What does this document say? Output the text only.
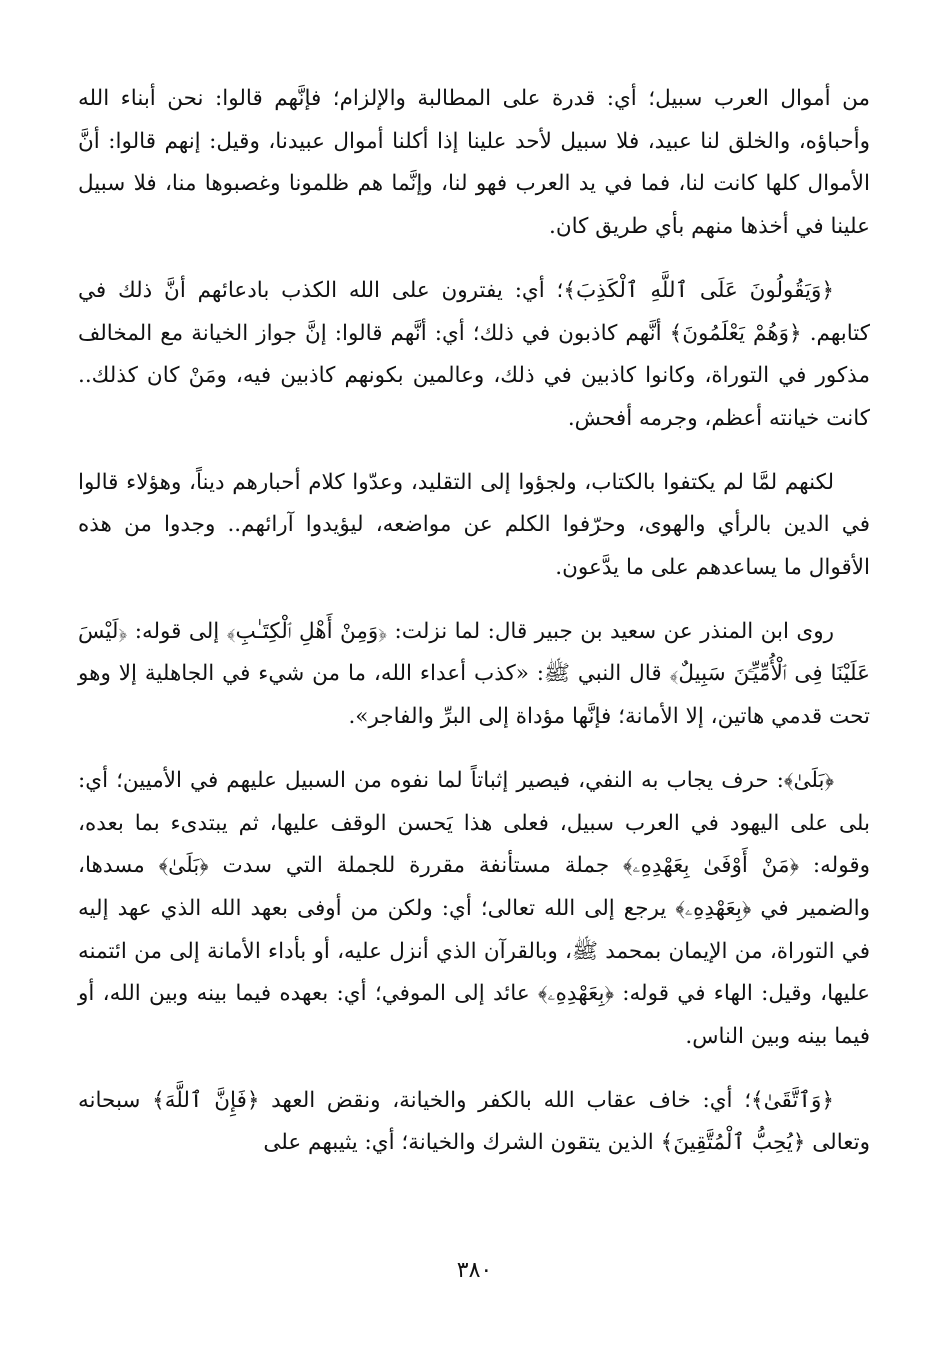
من أموال العرب سبيل؛ أي: قدرة على المطالبة والإلزام؛ فإنَّهم قالوا: نحن أبناء الله وأحباؤه، والخلق لنا عبيد، فلا سبيل لأحد علينا إذا أكلنا أموال عبيدنا، وقيل: إنهم قالوا: أنَّ الأموال كلها كانت لنا، فما في يد العرب فهو لنا، وإنَّما هم ظلمونا وغصبوها منا، فلا سبيل علينا في أخذها منهم بأي طريق كان.

﴿وَيَقُولُونَ عَلَى ٱللَّهِ ٱلْكَذِبَ﴾؛ أي: يفترون على الله الكذب بادعائهم أنَّ ذلك في كتابهم. ﴿وَهُمْ يَعْلَمُونَ﴾ أنَّهم كاذبون في ذلك؛ أي: أنَّهم قالوا: إنَّ جواز الخيانة مع المخالف مذكور في التوراة، وكانوا كاذبين في ذلك، وعالمين بكونهم كاذبين فيه، ومَنْ كان كذلك.. كانت خيانته أعظم، وجرمه أفحش.

لكنهم لمَّا لم يكتفوا بالكتاب، ولجؤوا إلى التقليد، وعدّوا كلام أحبارهم ديناً، وهؤلاء قالوا في الدين بالرأي والهوى، وحرّفوا الكلم عن مواضعه، ليؤيدوا آرائهم.. وجدوا من هذه الأقوال ما يساعدهم على ما يدَّعون.

روى ابن المنذر عن سعيد بن جبير قال: لما نزلت: ﴿وَمِنْ أَهْلِ ٱلْكِتَـٰبِ﴾ إلى قوله: ﴿لَيْسَ عَلَيْنَا فِى ٱلْأُمِّيِّـۧنَ سَبِيلٌ﴾ قال النبي ﷺ: «كذب أعداء الله، ما من شيء في الجاهلية إلا وهو تحت قدمي هاتين، إلا الأمانة؛ فإنَّها مؤداة إلى البرِّ والفاجر».

﴿بَلَىٰ﴾: حرف يجاب به النفي، فيصير إثباتاً لما نفوه من السبيل عليهم في الأميين؛ أي: بلى على اليهود في العرب سبيل، فعلى هذا يَحسن الوقف عليها، ثم يبتدىء بما بعده، وقوله: ﴿مَنْ أَوْفَىٰ بِعَهْدِهِۦ﴾ جملة مستأنفة مقررة للجملة التي سدت ﴿بَلَىٰ﴾ مسدها، والضمير في ﴿بِعَهْدِهِۦ﴾ يرجع إلى الله تعالى؛ أي: ولكن من أوفى بعهد الله الذي عهد إليه في التوراة، من الإيمان بمحمد ﷺ، وبالقرآن الذي أنزل عليه، أو بأداء الأمانة إلى من ائتمنه عليها، وقيل: الهاء في قوله: ﴿بِعَهْدِهِۦ﴾ عائد إلى الموفي؛ أي: بعهده فيما بينه وبين الله، أو فيما بينه وبين الناس.

﴿وَٱتَّقَىٰ﴾؛ أي: خاف عقاب الله بالكفر والخيانة، ونقض العهد ﴿فَإِنَّ ٱللَّهَ﴾ سبحانه وتعالى ﴿يُحِبُّ ٱلْمُتَّقِينَ﴾ الذين يتقون الشرك والخيانة؛ أي: يثيبهم على

٣٨٠
